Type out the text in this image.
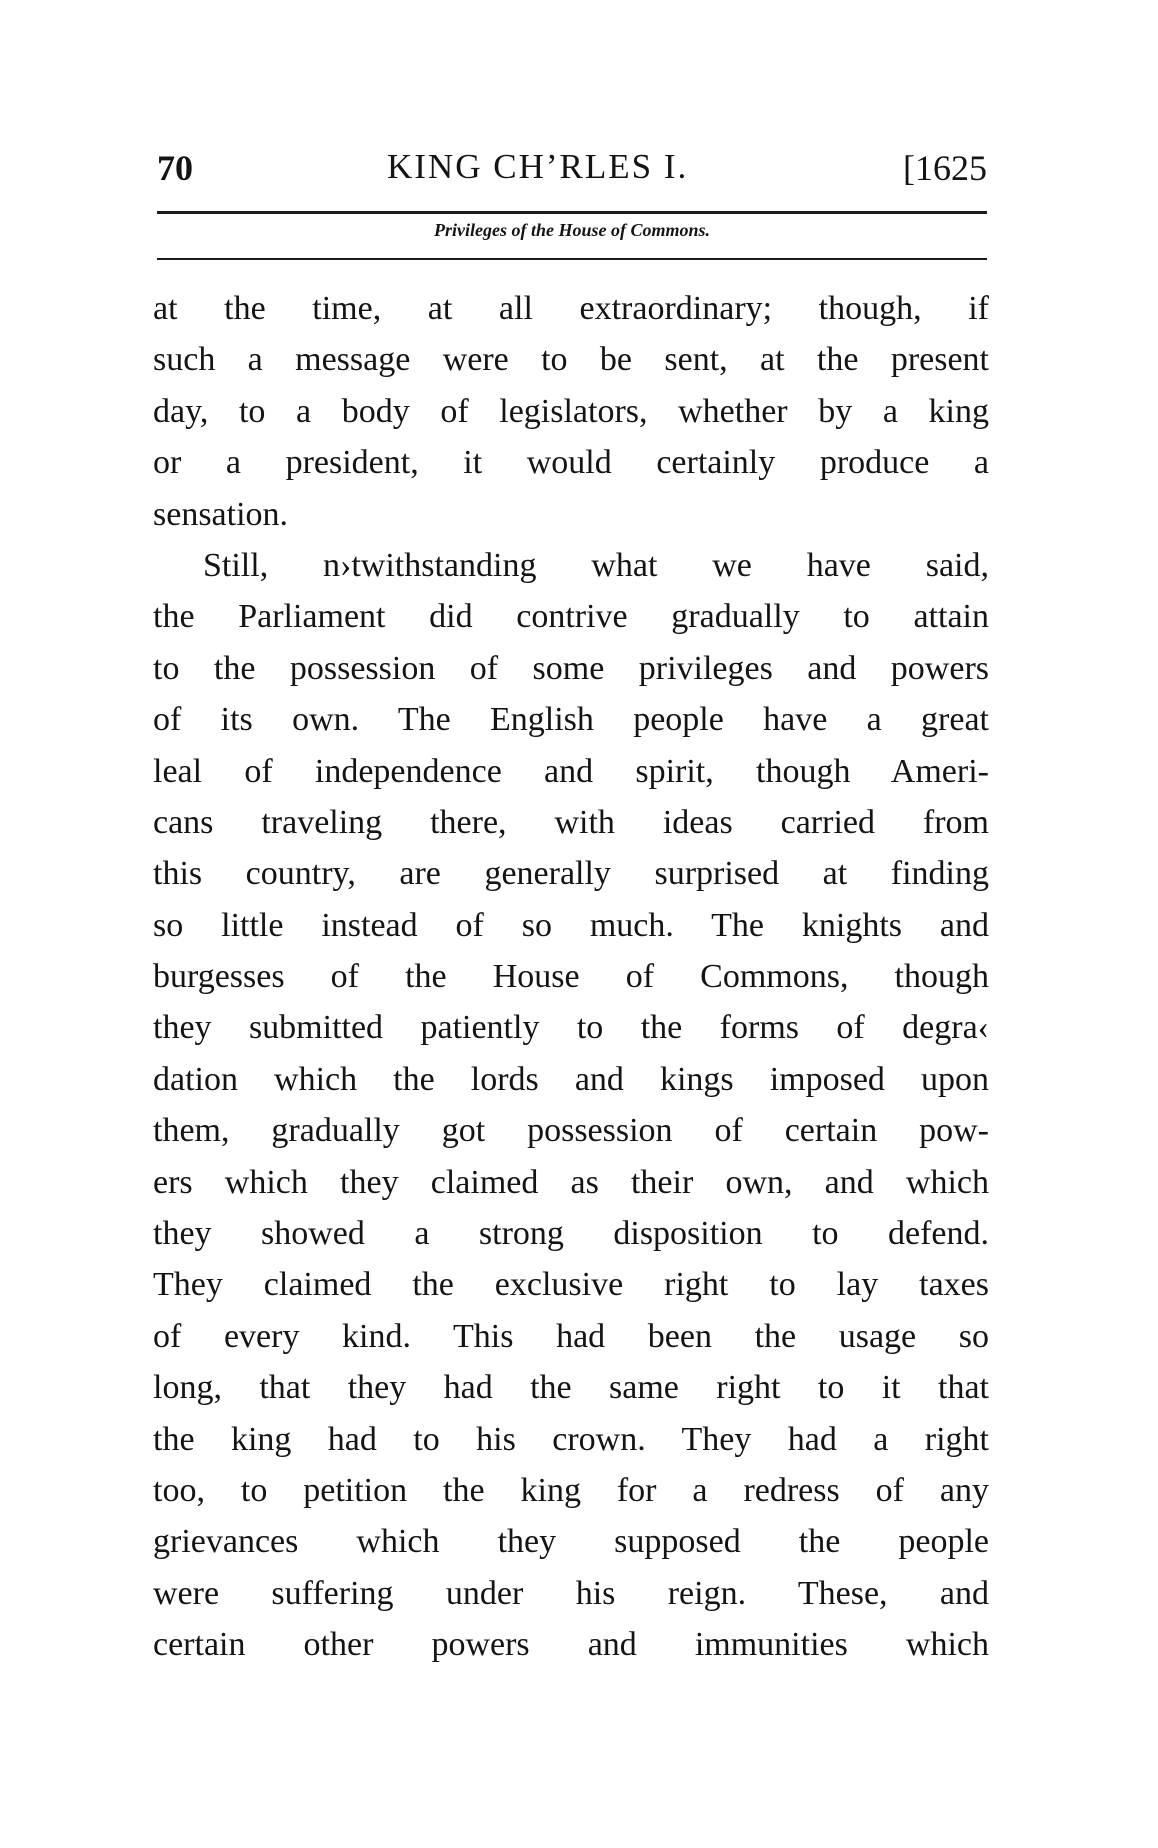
70	KING CH’RLES I.	[1625
Privileges of the House of Commons.
at the time, at all extraordinary; though, if
such a message were to be sent, at the present
day, to a body of legislators, whether by a king
or a president, it would certainly produce a
sensation.
Still, n›twithstanding what we have said,
the Parliament did contrive gradually to attain
to the possession of some privileges and powers
of its own. The English people have a great
leal of independence and spirit, though Ameri-
cans traveling there, with ideas carried from
this country, are generally surprised at finding
so little instead of so much. The knights and
burgesses of the House of Commons, though
they submitted patiently to the forms of degra‹
dation which the lords and kings imposed upon
them, gradually got possession of certain pow-
ers which they claimed as their own, and which
they showed a strong disposition to defend.
They claimed the exclusive right to lay taxes
of every kind. This had been the usage so
long, that they had the same right to it that
the king had to his crown. They had a right
too, to petition the king for a redress of any
grievances which they supposed the people
were suffering under his reign. These, and
certain other powers and immunities which
